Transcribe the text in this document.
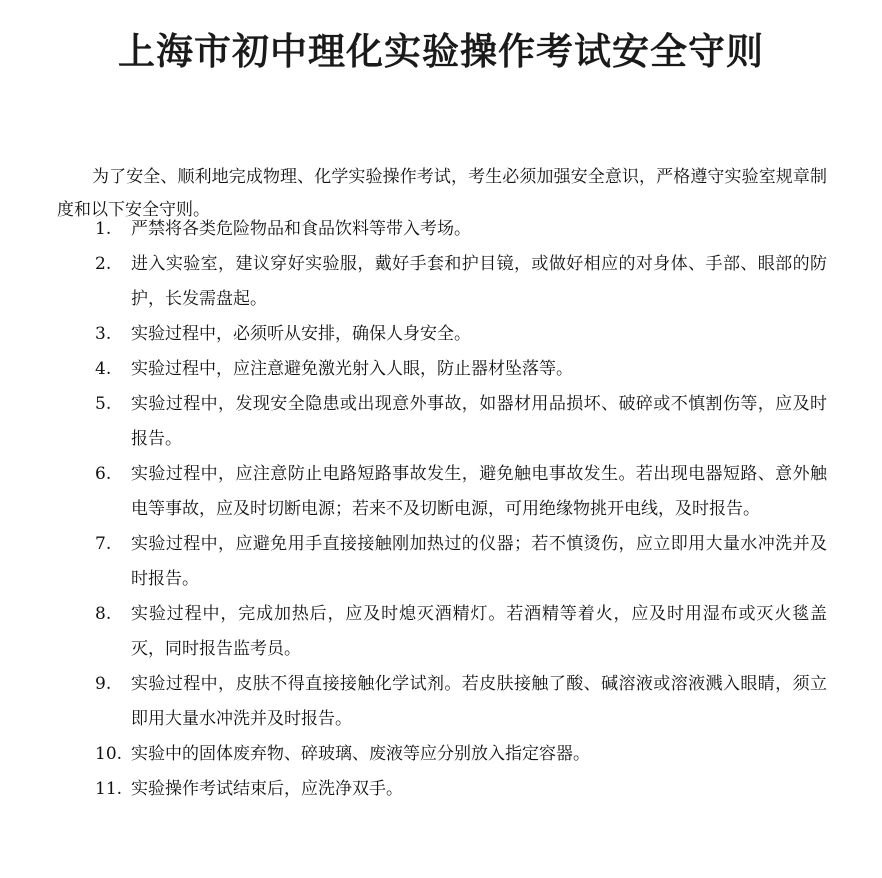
上海市初中理化实验操作考试安全守则

为了安全、顺利地完成物理、化学实验操作考试，考生必须加强安全意识，严格遵守实验室规章制度和以下安全守则。

1.	严禁将各类危险物品和食品饮料等带入考场。
2.	进入实验室，建议穿好实验服，戴好手套和护目镜，或做好相应的对身体、手部、眼部的防护，长发需盘起。
3.	实验过程中，必须听从安排，确保人身安全。
4.	实验过程中，应注意避免激光射入人眼，防止器材坠落等。
5.	实验过程中，发现安全隐患或出现意外事故，如器材用品损坏、破碎或不慎割伤等，应及时报告。
6.	实验过程中，应注意防止电路短路事故发生，避免触电事故发生。若出现电器短路、意外触电等事故，应及时切断电源；若来不及切断电源，可用绝缘物挑开电线，及时报告。
7.	实验过程中，应避免用手直接接触刚加热过的仪器；若不慎烫伤，应立即用大量水冲洗并及时报告。
8.	实验过程中，完成加热后，应及时熄灭酒精灯。若酒精等着火，应及时用湿布或灭火毯盖灭，同时报告监考员。
9.	实验过程中，皮肤不得直接接触化学试剂。若皮肤接触了酸、碱溶液或溶液溅入眼睛，须立即用大量水冲洗并及时报告。
10. 实验中的固体废弃物、碎玻璃、废液等应分别放入指定容器。
11. 实验操作考试结束后，应洗净双手。
